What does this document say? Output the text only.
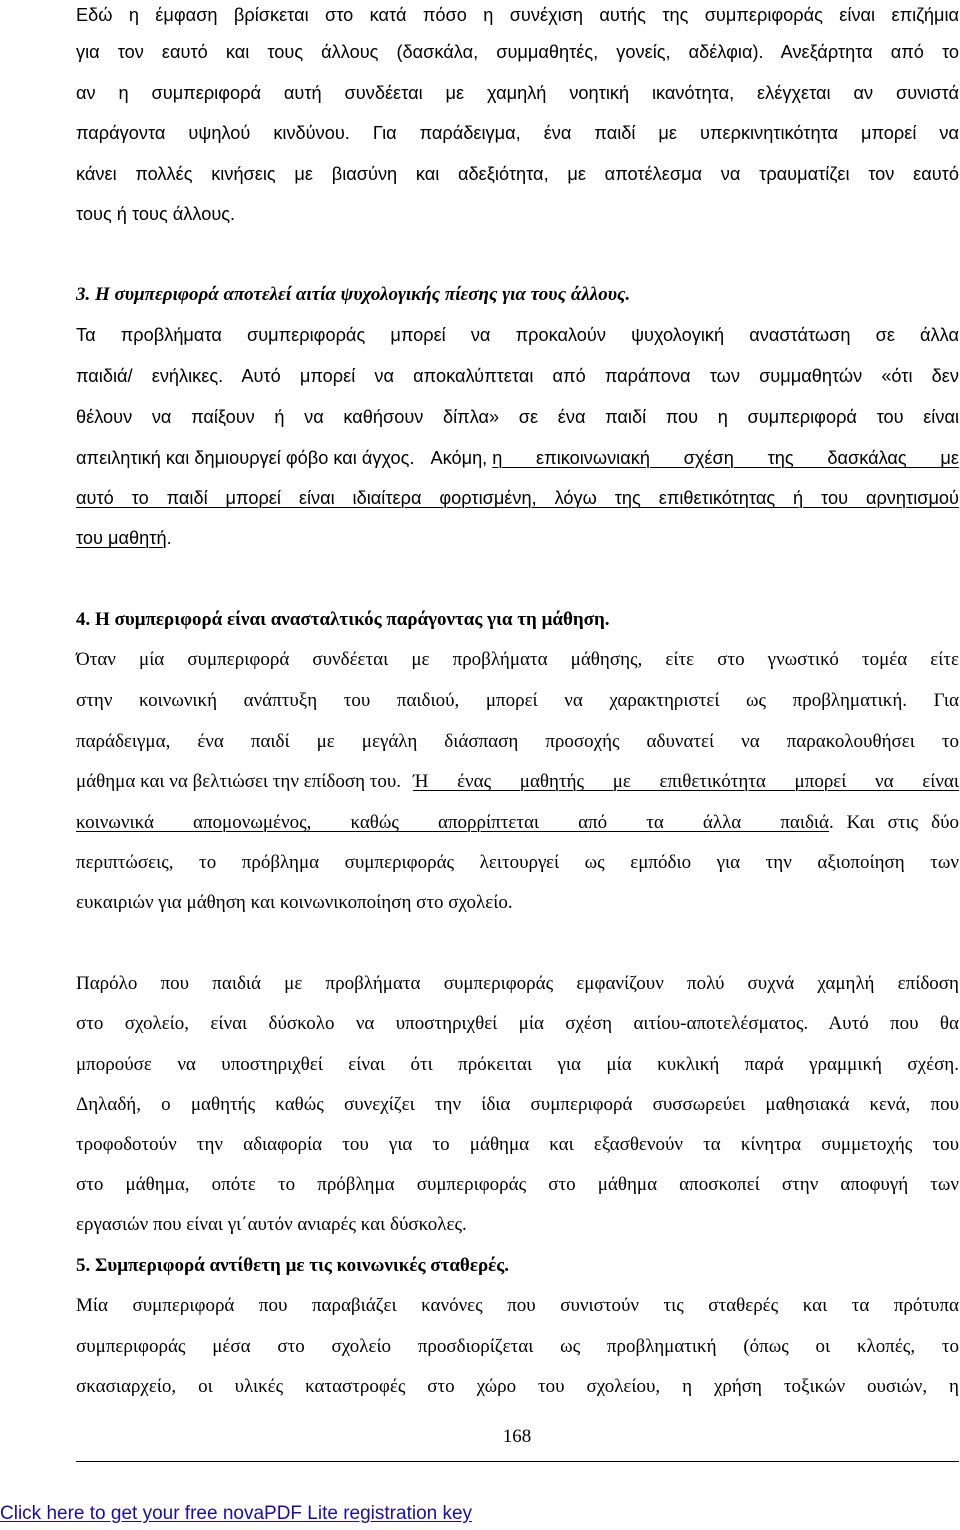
Εδώ η έμφαση βρίσκεται στο κατά πόσο η συνέχιση αυτής της συμπεριφοράς είναι επιζήμια
για τον εαυτό και τους άλλους (δασκάλα, συμμαθητές, γονείς, αδέλφια). Ανεξάρτητα από το
αν η συμπεριφορά αυτή συνδέεται με χαμηλή νοητική ικανότητα, ελέγχεται αν συνιστά
παράγοντα υψηλού κινδύνου. Για παράδειγμα, ένα παιδί με υπερκινητικότητα μπορεί να
κάνει πολλές κινήσεις με βιασύνη και αδεξιότητα, με αποτέλεσμα να τραυματίζει τον εαυτό
τους ή τους άλλους.
3. Η συμπεριφορά αποτελεί αιτία ψυχολογικής πίεσης για τους άλλους.
Τα προβλήματα συμπεριφοράς μπορεί να προκαλούν ψυχολογική αναστάτωση σε άλλα
παιδιά/ ενήλικες. Αυτό μπορεί να αποκαλύπτεται από παράπονα των συμμαθητών «ότι δεν
θέλουν να παίξουν ή να καθήσουν δίπλα» σε ένα παιδί που η συμπεριφορά του είναι
απειλητική και δημιουργεί φόβο και άγχος. Ακόμη, η επικοινωνιακή σχέση της δασκάλας με
αυτό το παιδί μπορεί είναι ιδιαίτερα φορτισμένη, λόγω της επιθετικότητας ή του αρνητισμού
του μαθητή.
4. Η συμπεριφορά είναι ανασταλτικός παράγοντας για τη μάθηση.
Όταν μία συμπεριφορά συνδέεται με προβλήματα μάθησης, είτε στο γνωστικό τομέα είτε
στην κοινωνική ανάπτυξη του παιδιού, μπορεί να χαρακτηριστεί ως προβληματική. Για
παράδειγμα, ένα παιδί με μεγάλη διάσπαση προσοχής αδυνατεί να παρακολουθήσει το
μάθημα και να βελτιώσει την επίδοση του. Ή ένας μαθητής με επιθετικότητα μπορεί να είναι
κοινωνικά απομονωμένος, καθώς απορρίπτεται από τα άλλα παιδιά . Και στις δύο
περιπτώσεις, το πρόβλημα συμπεριφοράς λειτουργεί ως εμπόδιο για την αξιοποίηση των
ευκαιριών για μάθηση και κοινωνικοποίηση στο σχολείο.
Παρόλο που παιδιά με προβλήματα συμπεριφοράς εμφανίζουν πολύ συχνά χαμηλή επίδοση
στο σχολείο, είναι δύσκολο να υποστηριχθεί μία σχέση αιτίου-αποτελέσματος. Αυτό που θα
μπορούσε να υποστηριχθεί είναι ότι πρόκειται για μία κυκλική παρά γραμμική σχέση.
Δηλαδή, ο μαθητής καθώς συνεχίζει την ίδια συμπεριφορά συσσωρεύει μαθησιακά κενά, που
τροφοδοτούν την αδιαφορία του για το μάθημα και εξασθενούν τα κίνητρα συμμετοχής του
στο μάθημα, οπότε το πρόβλημα συμπεριφοράς στο μάθημα αποσκοπεί στην αποφυγή των
εργασιών που είναι γι΄αυτόν ανιαρές και δύσκολες.
5. Συμπεριφορά αντίθετη με τις κοινωνικές σταθερές.
Μία συμπεριφορά που παραβιάζει κανόνες που συνιστούν τις σταθερές και τα πρότυπα
συμπεριφοράς μέσα στο σχολείο προσδιορίζεται ως προβληματική (όπως οι κλοπές, το
σκασιαρχείο, οι υλικές καταστροφές στο χώρο του σχολείου, η χρήση τοξικών ουσιών, η
168
Click here to get your free novaPDF Lite registration key
